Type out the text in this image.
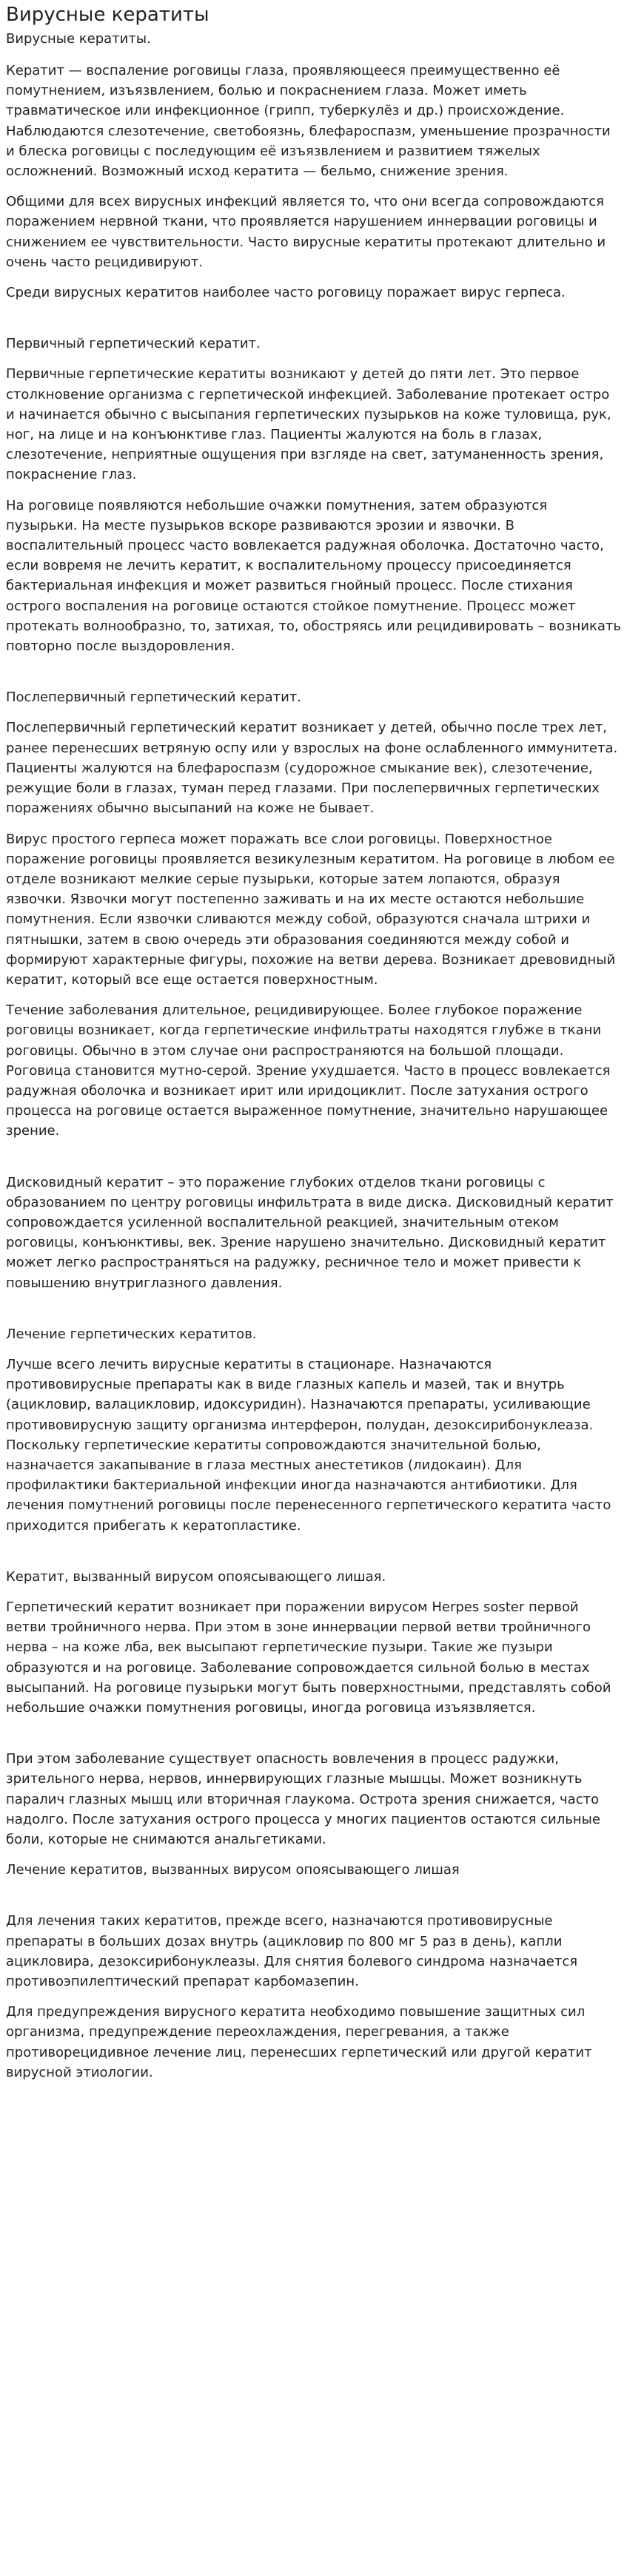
Вирусные кератиты
Вирусные кератиты.

Кератит — воспаление роговицы глаза, проявляющееся преимущественно её помутнением, изъязвлением, болью и покраснением глаза. Может иметь травматическое или инфекционное (грипп, туберкулёз и др.) происхождение. Наблюдаются слезотечение, светобоязнь, блефароспазм, уменьшение прозрачности и блеска роговицы с последующим её изъязвлением и развитием тяжелых осложнений. Возможный исход кератита — бельмо, снижение зрения.

Общими для всех вирусных инфекций является то, что они всегда сопровождаются поражением нервной ткани, что проявляется нарушением иннервации роговицы и снижением ее чувствительности. Часто вирусные кератиты протекают длительно и очень часто рецидивируют.

Среди вирусных кератитов наиболее часто роговицу поражает вирус герпеса.

Первичный герпетический кератит.

Первичные герпетические кератиты возникают у детей до пяти лет. Это первое столкновение организма с герпетической инфекцией. Заболевание протекает остро и начинается обычно с высыпания герпетических пузырьков на коже туловища, рук, ног, на лице и на конъюнктиве глаз. Пациенты жалуются на боль в глазах, слезотечение, неприятные ощущения при взгляде на свет, затуманенность зрения, покраснение глаз.

На роговице появляются небольшие очажки помутнения, затем образуются пузырьки. На месте пузырьков вскоре развиваются эрозии и язвочки. В воспалительный процесс часто вовлекается радужная оболочка. Достаточно часто, если вовремя не лечить кератит, к воспалительному процессу присоединяется бактериальная инфекция и может развиться гнойный процесс. После стихания острого воспаления на роговице остаются стойкое помутнение. Процесс может протекать волнообразно, то, затихая, то, обостряясь или рецидивировать – возникать повторно после выздоровления.

Послепервичный герпетический кератит.

Послепервичный герпетический кератит возникает у детей, обычно после трех лет, ранее перенесших ветряную оспу или у взрослых на фоне ослабленного иммунитета. Пациенты жалуются на блефароспазм (судорожное смыкание век), слезотечение, режущие боли в глазах, туман перед глазами. При послепервичных герпетических поражениях обычно высыпаний на коже не бывает.

Вирус простого герпеса может поражать все слои роговицы. Поверхностное поражение роговицы проявляется везикулезным кератитом. На роговице в любом ее отделе возникают мелкие серые пузырьки, которые затем лопаются, образуя язвочки. Язвочки могут постепенно заживать и на их месте остаются небольшие помутнения. Если язвочки сливаются между собой, образуются сначала штрихи и пятнышки, затем в свою очередь эти образования соединяются между собой и формируют характерные фигуры, похожие на ветви дерева. Возникает древовидный кератит, который все еще остается поверхностным.

Течение заболевания длительное, рецидивирующее. Более глубокое поражение роговицы возникает, когда герпетические инфильтраты находятся глубже в ткани роговицы. Обычно в этом случае они распространяются на большой площади. Роговица становится мутно-серой. Зрение ухудшается. Часто в процесс вовлекается радужная оболочка и возникает ирит или иридоциклит. После затухания острого процесса на роговице остается выраженное помутнение, значительно нарушающее зрение.

Дисковидный кератит – это поражение глубоких отделов ткани роговицы с образованием по центру роговицы инфильтрата в виде диска. Дисковидный кератит сопровождается усиленной воспалительной реакцией, значительным отеком роговицы, конъюнктивы, век. Зрение нарушено значительно. Дисковидный кератит может легко распространяться на радужку, ресничное тело и может привести к повышению внутриглазного давления.

Лечение герпетических кератитов.

Лучше всего лечить вирусные кератиты в стационаре. Назначаются противовирусные препараты как в виде глазных капель и мазей, так и внутрь (ацикловир, валацикловир, идоксуридин). Назначаются препараты, усиливающие противовирусную защиту организма интерферон, полудан, дезоксирибонуклеаза. Поскольку герпетические кератиты сопровождаются значительной болью, назначается закапывание в глаза местных анестетиков (лидокаин). Для профилактики бактериальной инфекции иногда назначаются антибиотики. Для лечения помутнений роговицы после перенесенного герпетического кератита часто приходится прибегать к кератопластике.

Кератит, вызванный вирусом опоясывающего лишая.

Герпетический кератит возникает при поражении вирусом Herpes soster первой ветви тройничного нерва. При этом в зоне иннервации первой ветви тройничного нерва – на коже лба, век высыпают герпетические пузыри. Такие же пузыри образуются и на роговице. Заболевание сопровождается сильной болью в местах высыпаний. На роговице пузырьки могут быть поверхностными, представлять собой небольшие очажки помутнения роговицы, иногда роговица изъязвляется.

При этом заболевание существует опасность вовлечения в процесс радужки, зрительного нерва, нервов, иннервирующих глазные мышцы. Может возникнуть паралич глазных мышц или вторичная глаукома. Острота зрения снижается, часто надолго. После затухания острого процесса у многих пациентов остаются сильные боли, которые не снимаются анальгетиками.

Лечение кератитов, вызванных вирусом опоясывающего лишая

Для лечения таких кератитов, прежде всего, назначаются противовирусные препараты в больших дозах внутрь (ацикловир по 800 мг 5 раз в день), капли ацикловира, дезоксирибонуклеазы. Для снятия болевого синдрома назначается противоэпилептический препарат карбомазепин.

Для предупреждения вирусного кератита необходимо повышение защитных сил организма, предупреждение переохлаждения, перегревания, а также противорецидивное лечение лиц, перенесших герпетический или другой кератит вирусной этиологии.
